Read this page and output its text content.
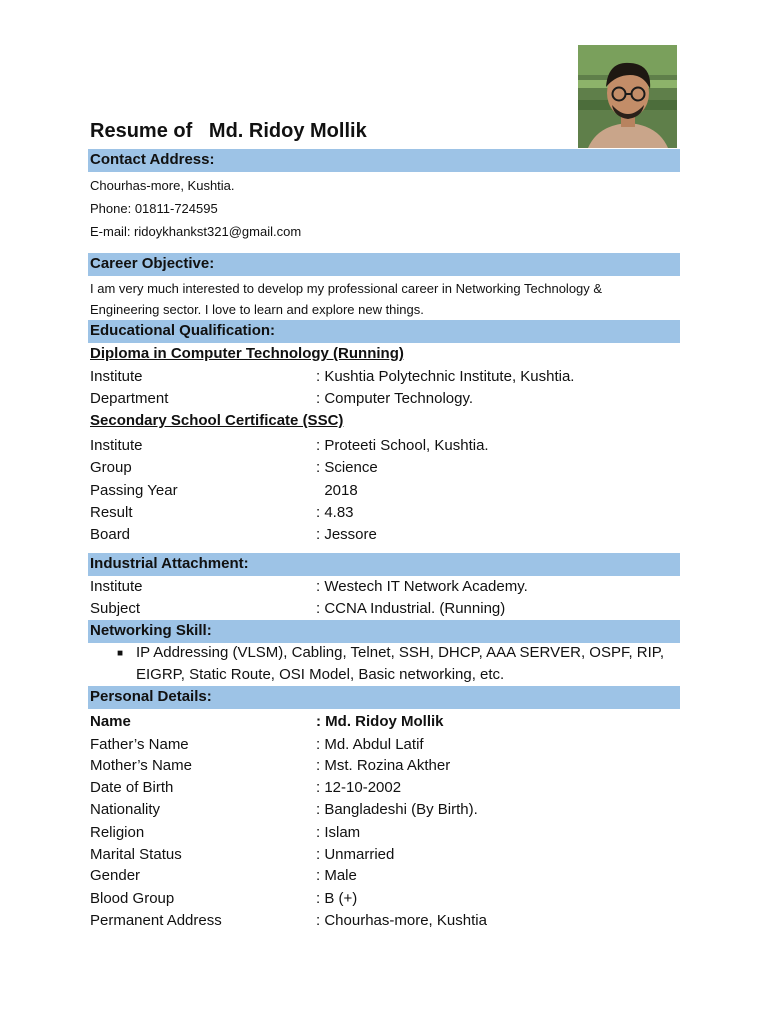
Resume of   Md. Ridoy Mollik
Contact Address:
Chourhas-more, Kushtia.
Phone: 01811-724595
E-mail: ridoykhankst321@gmail.com
Career Objective:
I am very much interested to develop my professional career in Networking Technology & Engineering sector. I love to learn and explore new things.
Educational Qualification:
Diploma in Computer Technology (Running)
Institute	: Kushtia Polytechnic Institute, Kushtia.
Department	: Computer Technology.
Secondary School Certificate (SSC)
Institute	: Proteeti School, Kushtia.
Group	: Science
Passing Year	2018
Result	: 4.83
Board	: Jessore
Industrial Attachment:
Institute	: Westech IT Network Academy.
Subject	: CCNA Industrial. (Running)
Networking Skill:
■ IP Addressing (VLSM), Cabling, Telnet, SSH, DHCP, AAA SERVER, OSPF, RIP, EIGRP, Static Route, OSI Model, Basic networking, etc.
Personal Details:
Name	: Md. Ridoy Mollik
Father’s Name	: Md. Abdul Latif
Mother’s Name	: Mst. Rozina Akther
Date of Birth	: 12-10-2002
Nationality	: Bangladeshi (By Birth).
Religion	: Islam
Marital Status	: Unmarried
Gender	: Male
Blood Group	: B (+)
Permanent Address	: Chourhas-more, Kushtia
